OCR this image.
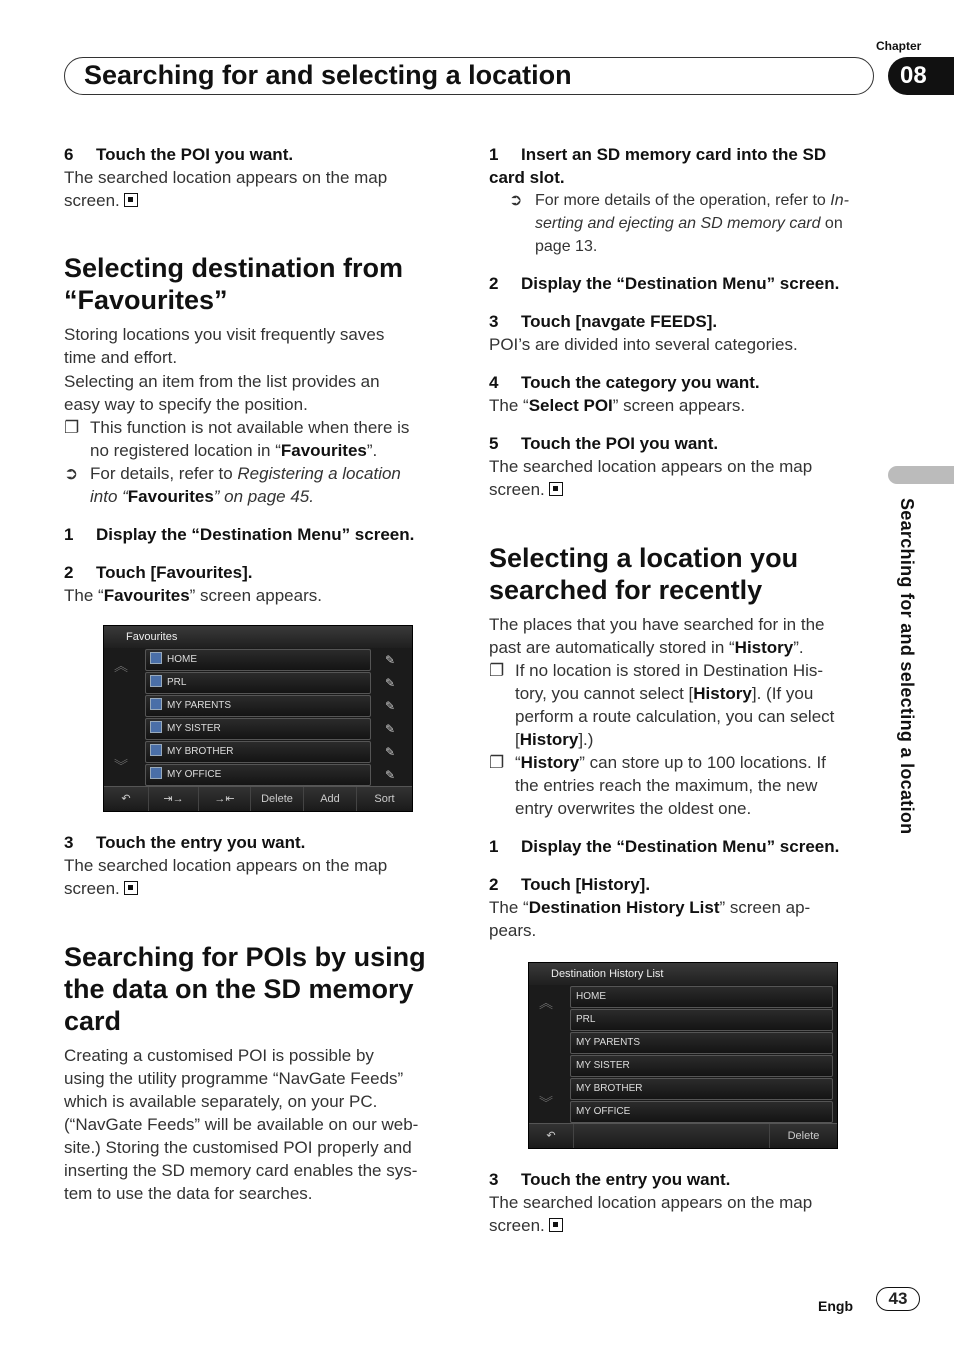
Searching for and selecting a location
Chapter
08
Searching for and selecting a location
6 Touch the POI you want.
The searched location appears on the map
screen.
Selecting destination from
“Favourites”
Storing locations you visit frequently saves
time and effort.
Selecting an item from the list provides an
easy way to specify the position.
❐ This function is not available when there is
no registered location in “Favourites”.
➲ For details, refer to Registering a location
into “Favourites” on page 45.
1 Display the “Destination Menu” screen.
2 Touch [Favourites].
The “Favourites” screen appears.
Favourites
︽
︾
HOME	✎
PRL	✎
MY PARENTS	✎
MY SISTER	✎
MY BROTHER	✎
MY OFFICE	✎
↶	⇥→	→⇤	Delete	Add	Sort
3 Touch the entry you want.
The searched location appears on the map
screen.
Searching for POIs by using
the data on the SD memory
card
Creating a customised POI is possible by
using the utility programme “NavGate Feeds”
which is available separately, on your PC.
(“NavGate Feeds” will be available on our web-
site.) Storing the customised POI properly and
inserting the SD memory card enables the sys-
tem to use the data for searches.
1 Insert an SD memory card into the SD
card slot.
➲ For more details of the operation, refer to In-
serting and ejecting an SD memory card on
page 13.
2 Display the “Destination Menu” screen.
3 Touch [navgate FEEDS].
POI’s are divided into several categories.
4 Touch the category you want.
The “Select POI” screen appears.
5 Touch the POI you want.
The searched location appears on the map
screen.
Selecting a location you
searched for recently
The places that you have searched for in the
past are automatically stored in “History”.
❐ If no location is stored in Destination His-
tory, you cannot select [History]. (If you
perform a route calculation, you can select
[History].)
❐ “History” can store up to 100 locations. If
the entries reach the maximum, the new
entry overwrites the oldest one.
1 Display the “Destination Menu” screen.
2 Touch [History].
The “Destination History List” screen ap-
pears.
Destination History List
︽
︾
HOME
PRL
MY PARENTS
MY SISTER
MY BROTHER
MY OFFICE
↶	Delete
3 Touch the entry you want.
The searched location appears on the map
screen.
Engb	43
